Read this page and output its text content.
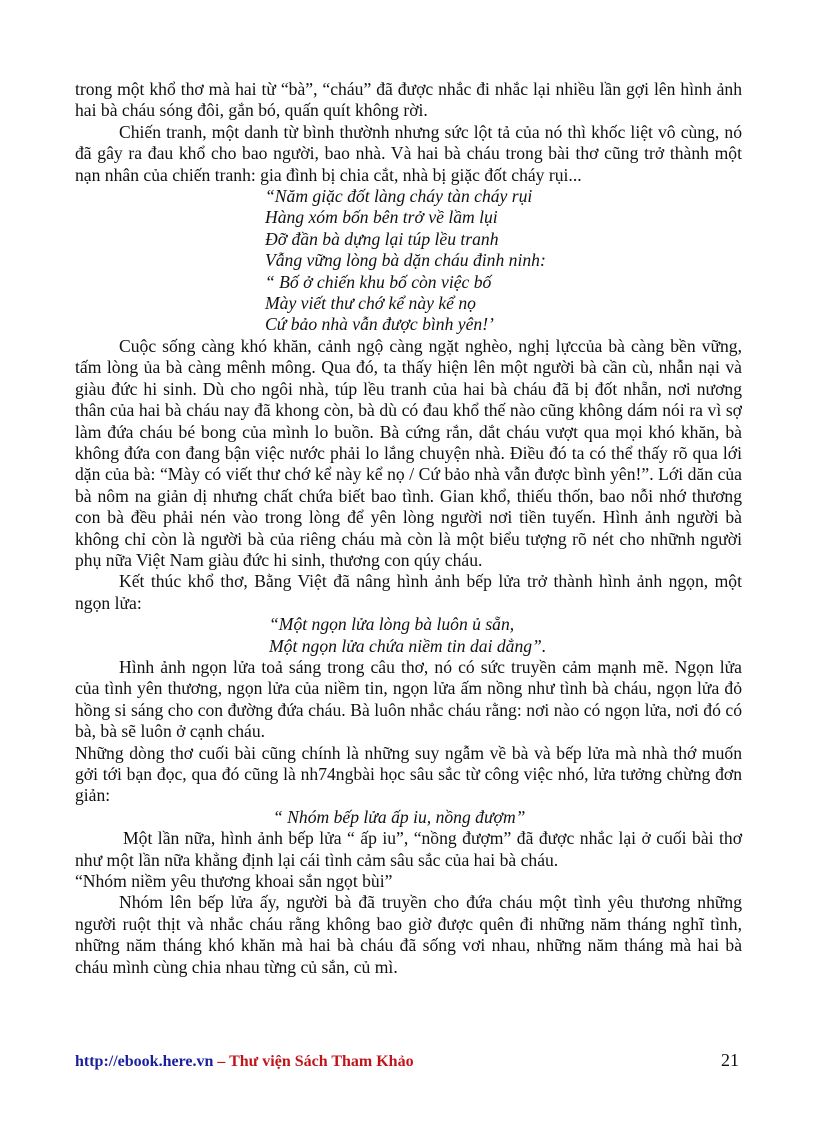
trong một khổ thơ mà hai từ “bà”, “cháu” đã được nhắc đi nhắc lại nhiều lần gợi lên hình ảnh hai bà cháu sóng đôi, gắn bó, quấn quít không rời.

Chiến tranh, một danh từ bình thườnh nhưng sức lột tả của nó thì khốc liệt vô cùng, nó đã gây ra đau khổ cho bao người, bao nhà. Và hai bà cháu trong bài thơ cũng trở thành một nạn nhân của chiến tranh: gia đình bị chia cắt, nhà bị giặc đốt cháy rụi...

“Năm giặc đốt làng cháy tàn cháy rụi
Hàng xóm bốn bên trở về lầm lụi
Đỡ đần bà dựng lại túp lều tranh
Vẫng vững lòng bà dặn cháu đinh ninh:
“ Bố ở chiến khu bố còn việc bố
Mày viết thư chớ kể này kể nọ
Cứ bảo nhà vẫn được bình yên!’

Cuộc sống càng khó khăn, cảnh ngộ càng ngặt nghèo, nghị lựccủa bà càng bền vững, tấm lòng ủa bà càng mênh mông. Qua đó, ta thấy hiện lên một người bà cần cù, nhẫn nại và giàu đức hi sinh. Dù cho ngôi nhà, túp lều tranh của hai bà cháu đã bị đốt nhẵn, nơi nương thân của hai bà cháu nay đã khong còn, bà dù có đau khổ thế nào cũng không dám nói ra vì sợ làm đứa cháu bé bong của mình lo buồn. Bà cứng rắn, dắt cháu vượt qua mọi khó khăn, bà không đứa con đang bận việc nước phải lo lắng chuyện nhà. Điều đó ta có thể thấy rõ qua lới dặn của bà: “Mày có viết thư chớ kể này kể nọ / Cứ bảo nhà vẫn được bình yên!”. Lới dăn của bà nôm na giản dị nhưng chất chứa biết bao tình. Gian khổ, thiếu thốn, bao nỗi nhớ thương con bà đều phải nén vào trong lòng để yên lòng người nơi tiền tuyến. Hình ảnh người bà không chỉ còn là người bà của riêng cháu mà còn là một biểu tượng rõ nét cho nhữnh người phụ nữa Việt Nam giàu đức hi sinh, thương con qúy cháu.

Kết thúc khổ thơ, Bằng Việt đã nâng hình ảnh bếp lửa trở thành hình ảnh ngọn, một ngọn lửa:

“Một ngọn lửa lòng bà luôn ủ sẵn,
Một ngọn lửa chứa niềm tin dai dẳng”.

Hình ảnh ngọn lửa toả sáng trong câu thơ, nó có sức truyền cảm mạnh mẽ. Ngọn lửa của tình yên thương, ngọn lửa của niềm tin, ngọn lửa ấm nồng như tình bà cháu, ngọn lửa đỏ hồng si sáng cho con đường đứa cháu. Bà luôn nhắc cháu rằng: nơi nào có ngọn lửa, nơi đó có bà, bà sẽ luôn ở cạnh cháu.

Những dòng thơ cuối bài cũng chính là những suy ngẫm về bà và bếp lửa mà nhà thớ muốn gởi tới bạn đọc, qua đó cũng là nh74ngbài học sâu sắc từ công việc nhó, lửa tưởng chừng đơn giản:

“ Nhóm bếp lửa ấp iu, nồng đượm”

Một lần nữa, hình ảnh bếp lửa “ ấp iu”, “nồng đượm” đã được nhắc lại ở cuối bài thơ như một lần nữa khẳng định lại cái tình cảm sâu sắc của hai bà cháu.

“Nhóm niềm yêu thương khoai sắn ngọt bùi”

Nhóm lên bếp lửa ấy, người bà đã truyền cho đứa cháu một tình yêu thương những người ruột thịt và nhắc cháu rằng không bao giờ được quên đi những năm tháng nghĩ tình, những năm tháng khó khăn mà hai bà cháu đã sống vơi nhau, những năm tháng mà hai bà cháu mình cùng chia nhau từng củ sắn, củ mì.

http://ebook.here.vn – Thư viện Sách Tham Khảo	21
